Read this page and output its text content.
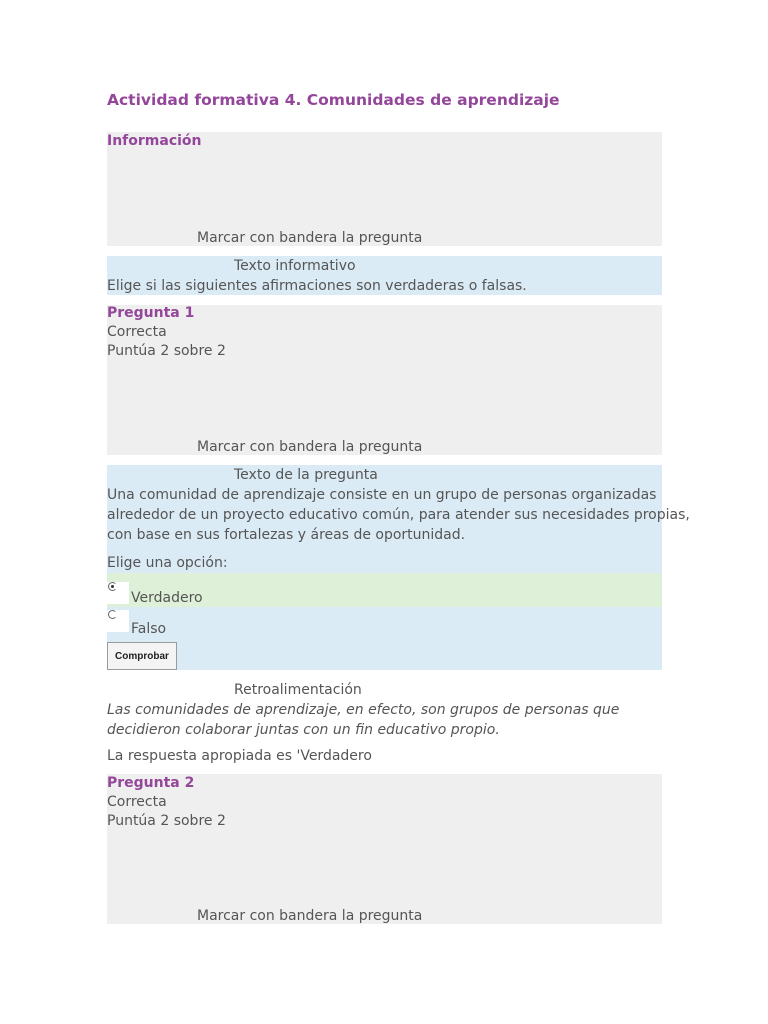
Actividad formativa 4. Comunidades de aprendizaje
Información
Marcar con bandera la pregunta
Texto informativo
Elige si las siguientes afirmaciones son verdaderas o falsas.
Pregunta 1
Correcta
Puntúa 2 sobre 2
Marcar con bandera la pregunta
Texto de la pregunta
Una comunidad de aprendizaje consiste en un grupo de personas organizadas
alrededor de un proyecto educativo común, para atender sus necesidades propias,
con base en sus fortalezas y áreas de oportunidad.
Elige una opción:
Verdadero
Falso
Comprobar
Retroalimentación
Las comunidades de aprendizaje, en efecto, son grupos de personas que
decidieron colaborar juntas con un fin educativo propio.
La respuesta apropiada es 'Verdadero
Pregunta 2
Correcta
Puntúa 2 sobre 2
Marcar con bandera la pregunta
